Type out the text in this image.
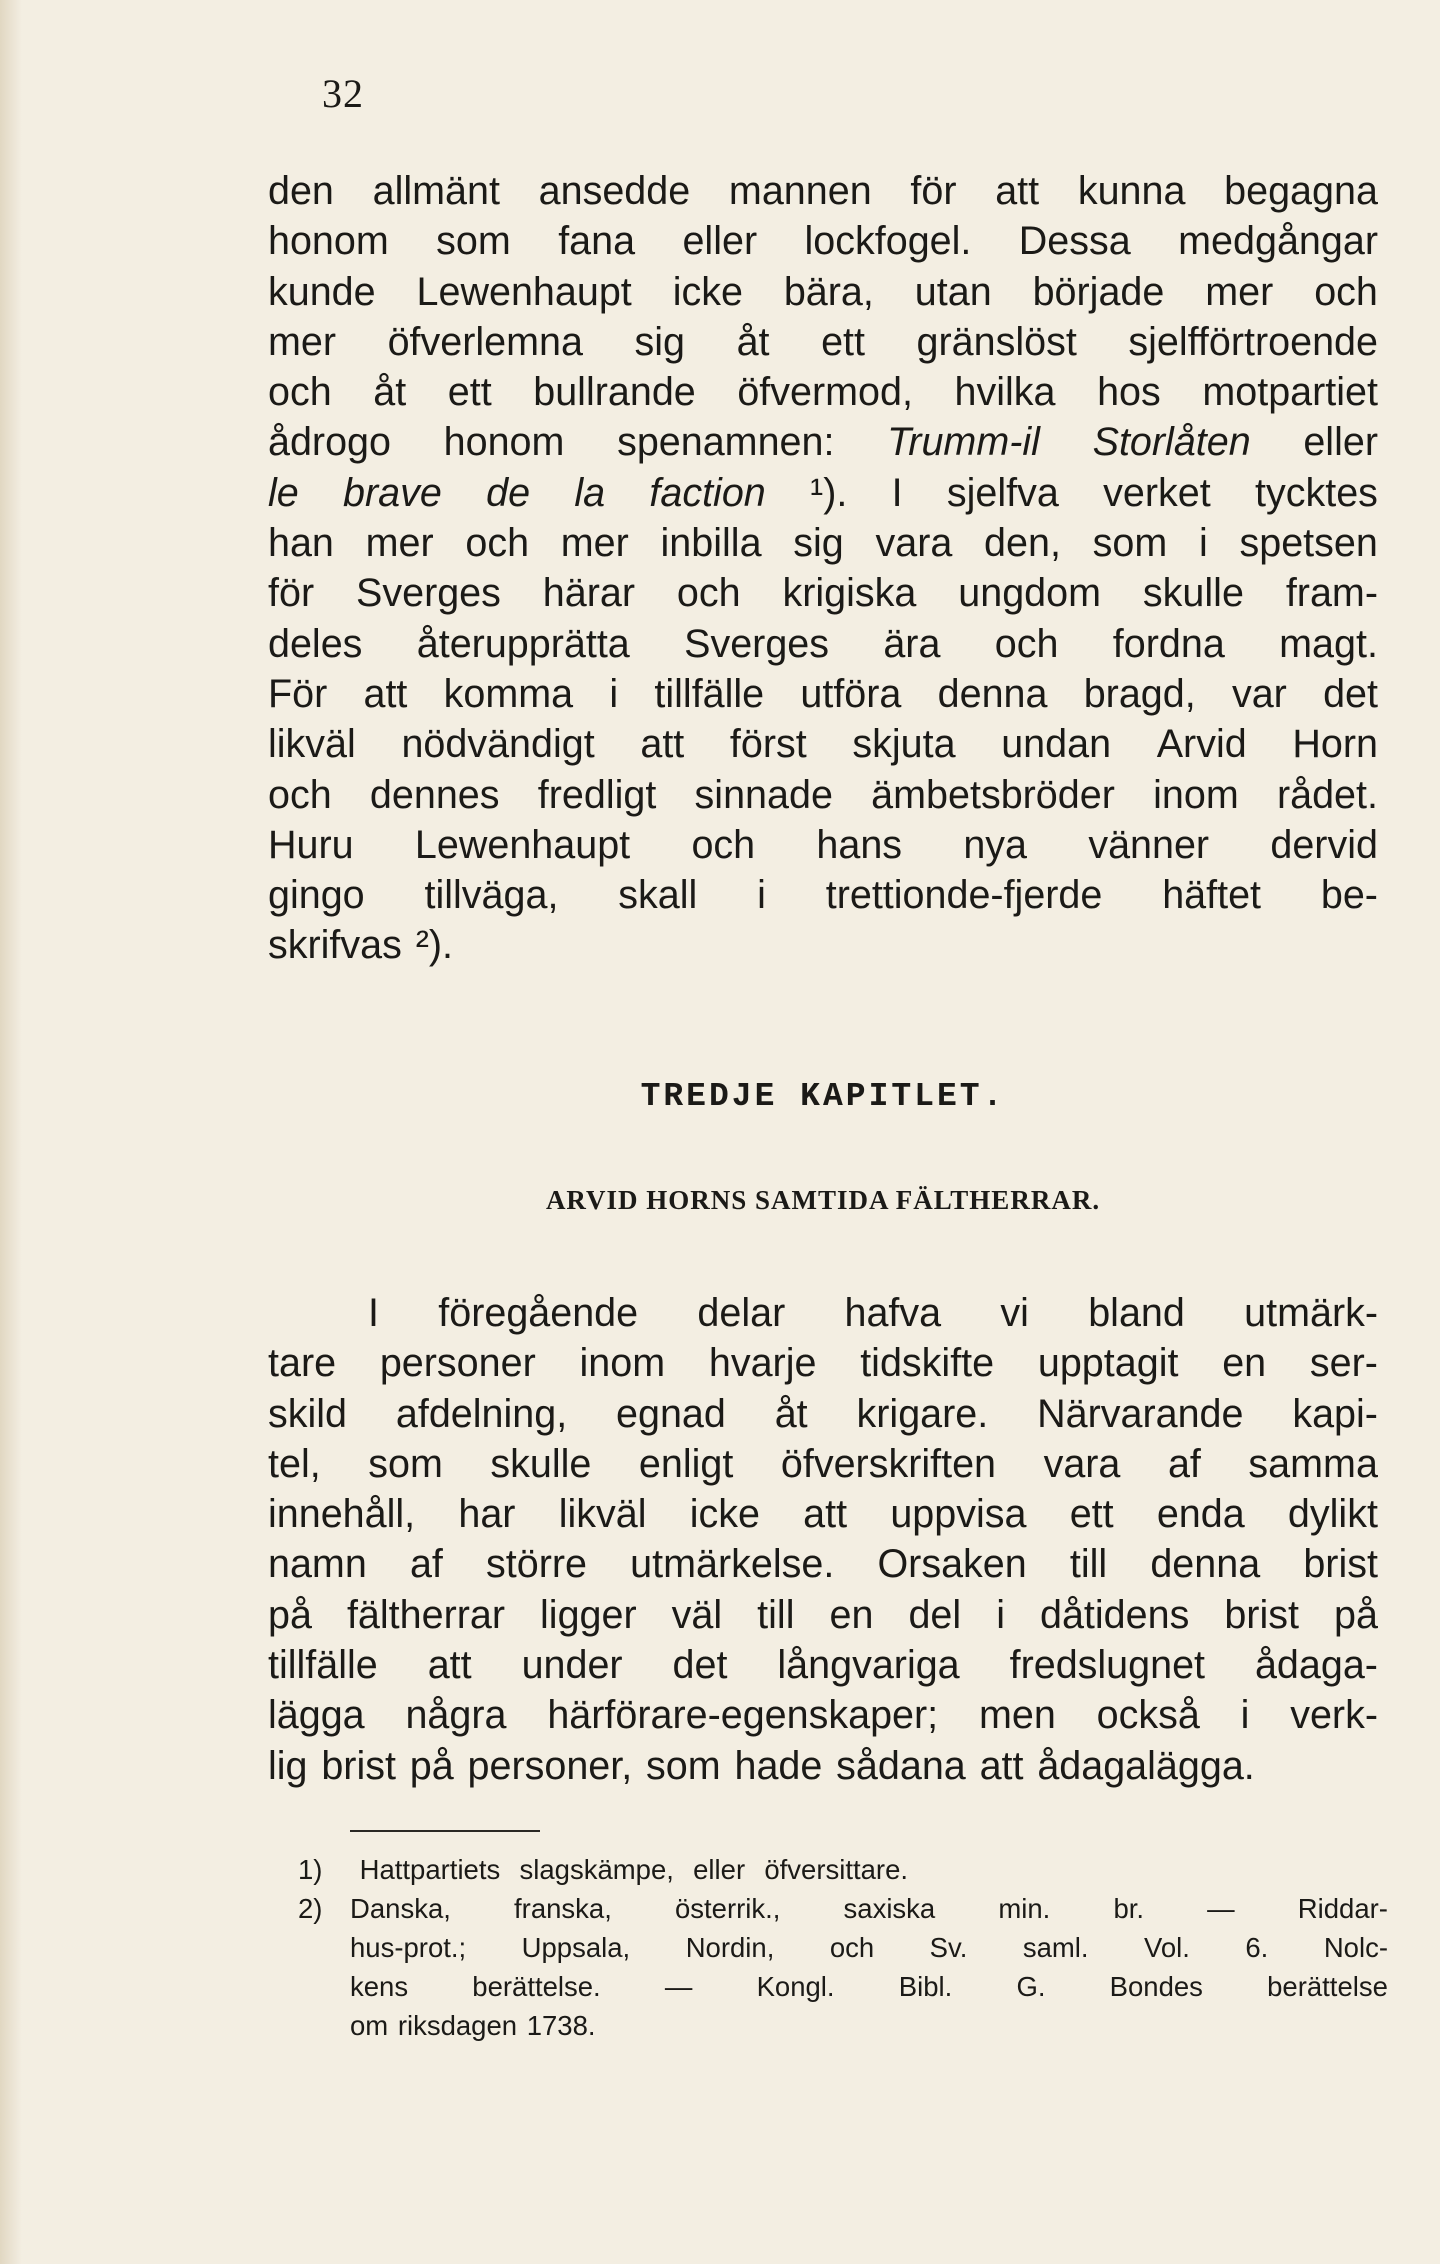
32
den allmänt ansedde mannen för att kunna begagna
honom som fana eller lockfogel. Dessa medgångar
kunde Lewenhaupt icke bära, utan började mer och
mer öfverlemna sig åt ett gränslöst sjelfförtroende
och åt ett bullrande öfvermod, hvilka hos motpartiet
ådrogo honom spenamnen: Trumm-il Storlåten eller
le brave de la faction ¹). I sjelfva verket tycktes
han mer och mer inbilla sig vara den, som i spetsen
för Sverges härar och krigiska ungdom skulle fram-
deles återupprätta Sverges ära och fordna magt.
För att komma i tillfälle utföra denna bragd, var det
likväl nödvändigt att först skjuta undan Arvid Horn
och dennes fredligt sinnade ämbetsbröder inom rådet.
Huru Lewenhaupt och hans nya vänner dervid
gingo tillväga, skall i trettionde-fjerde häftet be-
skrifvas ²).
TREDJE KAPITLET.
ARVID HORNS SAMTIDA FÄLTHERRAR.
I föregående delar hafva vi bland utmärk-
tare personer inom hvarje tidskifte upptagit en ser-
skild afdelning, egnad åt krigare. Närvarande kapi-
tel, som skulle enligt öfverskriften vara af samma
innehåll, har likväl icke att uppvisa ett enda dylikt
namn af större utmärkelse. Orsaken till denna brist
på fältherrar ligger väl till en del i dåtidens brist på
tillfälle att under det långvariga fredslugnet ådaga-
lägga några härförare-egenskaper; men också i verk-
lig brist på personer, som hade sådana att ådagalägga.
1)	Hattpartiets slagskämpe, eller öfversittare.
2)	Danska, franska, österrik., saxiska min. br. — Riddar-
hus-prot.; Uppsala, Nordin, och Sv. saml. Vol. 6. Nolc-
kens berättelse. — Kongl. Bibl. G. Bondes berättelse
om riksdagen 1738.
